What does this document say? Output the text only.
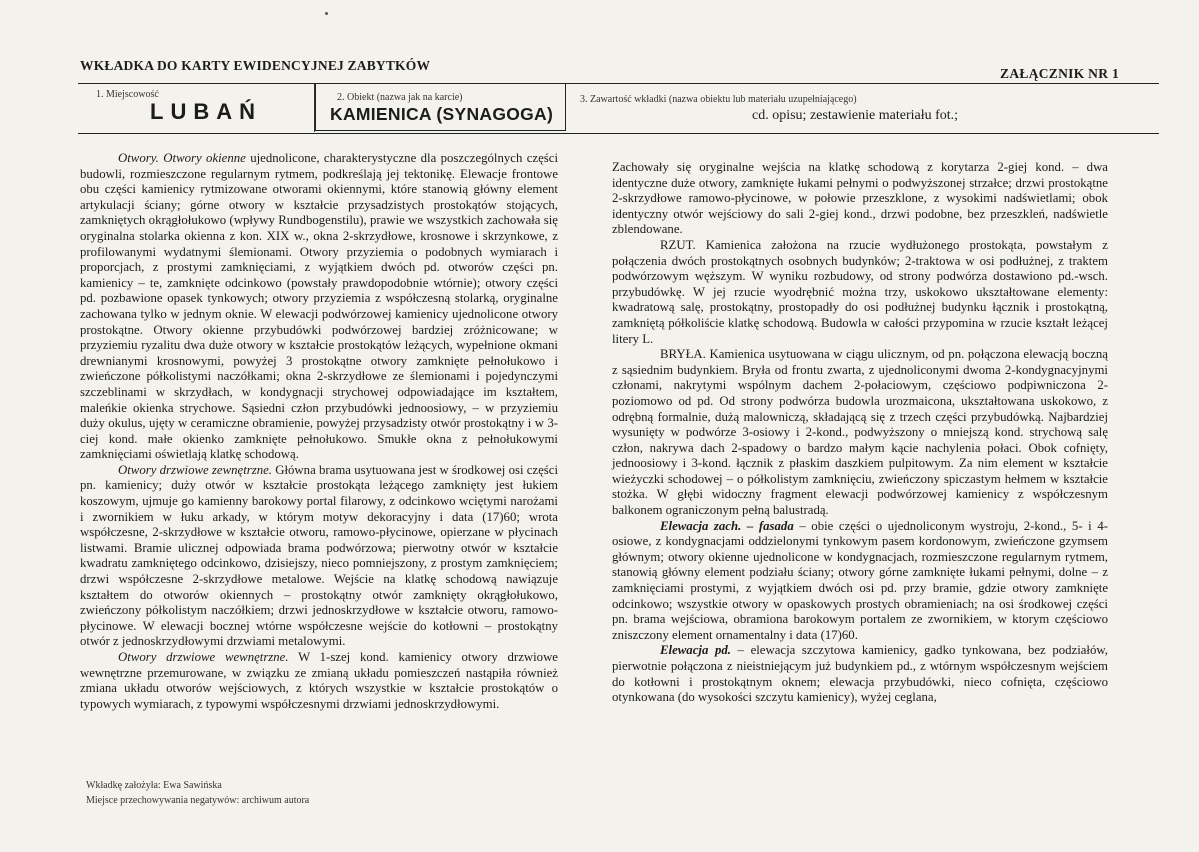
WKŁADKA DO KARTY EWIDENCYJNEJ ZABYTKÓW
ZAŁĄCZNIK NR 1
1. Miejscowość
LUBAŃ
2. Obiekt (nazwa jak na karcie)
KAMIENICA (SYNAGOGA)
3. Zawartość wkładki (nazwa obiektu lub materiału uzupełniającego)
cd. opisu; zestawienie materiału fot.;

Otwory. Otwory okienne ujednolicone, charakterystyczne dla poszczególnych części budowli, rozmieszczone regularnym rytmem, podkreślają jej tektonikę. Elewacje frontowe obu części kamienicy rytmizowane otworami okiennymi, które stanowią główny element artykulacji ściany; górne otwory w kształcie przysadzistych prostokątów stojących, zamkniętych okrągłołukowo (wpływy Rundbogenstilu), prawie we wszystkich zachowała się oryginalna stolarka okienna z kon. XIX w., okna 2-skrzydłowe, krosnowe i skrzynkowe, z profilowanymi wydatnymi ślemionami. Otwory przyziemia o podobnych wymiarach i proporcjach, z prostymi zamknięciami, z wyjątkiem dwóch pd. otworów części pn. kamienicy – te, zamknięte odcinkowo (powstały prawdopodobnie wtórnie); otwory części pd. pozbawione opasek tynkowych; otwory przyziemia z współczesną stolarką, oryginalne zachowana tylko w jednym oknie. W elewacji podwórzowej kamienicy ujednolicone otwory prostokątne. Otwory okienne przybudówki podwórzowej bardziej zróżnicowane; w przyziemiu ryzalitu dwa duże otwory w kształcie prostokątów leżących, wypełnione okmani drewnianymi krosnowymi, powyżej 3 prostokątne otwory zamknięte pełnołukowo i zwieńczone półkolistymi naczółkami; okna 2-skrzydłowe ze ślemionami i pojedynczymi szczeblinami w skrzydłach, w kondygnacji strychowej odpowiadające im kształtem, maleńkie okienka strychowe. Sąsiedni człon przybudówki jednoosiowy, – w przyziemiu duży okulus, ujęty w ceramiczne obramienie, powyżej przysadzisty otwór prostokątny i w 3-ciej kond. małe okienko zamknięte pełnołukowo. Smukłe okna z pełnołukowymi zamknięciami oświetlają klatkę schodową.

Otwory drzwiowe zewnętrzne. Główna brama usytuowana jest w środkowej osi części pn. kamienicy; duży otwór w kształcie prostokąta leżącego zamknięty jest łukiem koszowym, ujmuje go kamienny barokowy portal filarowy, z odcinkowo wciętymi narożami i zwornikiem w łuku arkady, w którym motyw dekoracyjny i data (17)60; wrota współczesne, 2-skrzydłowe w kształcie otworu, ramowo-płycinowe, opierzane w płycinach listwami. Bramie ulicznej odpowiada brama podwórzowa; pierwotny otwór w kształcie kwadratu zamkniętego odcinkowo, dzisiejszy, nieco pomniejszony, z prostym zamknięciem; drzwi współczesne 2-skrzydłowe metalowe. Wejście na klatkę schodową nawiązuje kształtem do otworów okiennych – prostokątny otwór zamknięty okrągłołukowo, zwieńczony półkolistym naczółkiem; drzwi jednoskrzydłowe w kształcie otworu, ramowo-płycinowe. W elewacji bocznej wtórne współczesne wejście do kotłowni – prostokątny otwór z jednoskrzydłowymi drzwiami metalowymi.

Otwory drzwiowe wewnętrzne. W 1-szej kond. kamienicy otwory drzwiowe wewnętrzne przemurowane, w związku ze zmianą układu pomieszczeń nastąpiła również zmiana układu otworów wejściowych, z których wszystkie w kształcie prostokątów o typowych wymiarach, z typowymi współczesnymi drzwiami jednoskrzydłowymi.

Zachowały się oryginalne wejścia na klatkę schodową z korytarza 2-giej kond. – dwa identyczne duże otwory, zamknięte łukami pełnymi o podwyższonej strzałce; drzwi prostokątne 2-skrzydłowe ramowo-płycinowe, w połowie przeszklone, z wysokimi nadświetlami; obok identyczny otwór wejściowy do sali 2-giej kond., drzwi podobne, bez przeszkleń, nadświetle zblendowane.

RZUT. Kamienica założona na rzucie wydłużonego prostokąta, powstałym z połączenia dwóch prostokątnych osobnych budynków; 2-traktowa w osi podłużnej, z traktem podwórzowym węższym. W wyniku rozbudowy, od strony podwórza dostawiono pd.-wsch. przybudówkę. W jej rzucie wyodrębnić można trzy, uskokowo ukształtowane elementy: kwadratową salę, prostokątny, prostopadły do osi podłużnej budynku łącznik i prostokątną, zamkniętą półkoliście klatkę schodową. Budowla w całości przypomina w rzucie kształt leżącej litery L.

BRYŁA. Kamienica usytuowana w ciągu ulicznym, od pn. połączona elewacją boczną z sąsiednim budynkiem. Bryła od frontu zwarta, z ujednoliconymi dwoma 2-kondygnacyjnymi członami, nakrytymi wspólnym dachem 2-połaciowym, częściowo podpiwniczona 2-poziomowo od pd. Od strony podwórza budowla urozmaicona, ukształtowana uskokowo, z odrębną formalnie, dużą malowniczą, składającą się z trzech części przybudówką. Najbardziej wysunięty w podwórze 3-osiowy i 2-kond., podwyższony o mniejszą kond. strychową salę człon, nakrywa dach 2-spadowy o bardzo małym kącie nachylenia połaci. Obok cofnięty, jednoosiowy i 3-kond. łącznik z płaskim daszkiem pulpitowym. Za nim element w kształcie wieżyczki schodowej – o półkolistym zamknięciu, zwieńczony spiczastym hełmem w kształcie stożka. W głębi widoczny fragment elewacji podwórzowej kamienicy z współczesnym balkonem ograniczonym pełną balustradą.

Elewacja zach. – fasada – obie części o ujednoliconym wystroju, 2-kond., 5- i 4-osiowe, z kondygnacjami oddzielonymi tynkowym pasem kordonowym, zwieńczone gzymsem głównym; otwory okienne ujednolicone w kondygnacjach, rozmieszczone regularnym rytmem, stanowią główny element podziału ściany; otwory górne zamknięte łukami pełnymi, dolne – z zamknięciami prostymi, z wyjątkiem dwóch osi pd. przy bramie, gdzie otwory zamknięte odcinkowo; wszystkie otwory w opaskowych prostych obramieniach; na osi środkowej części pn. brama wejściowa, obramiona barokowym portalem ze zwornikiem, w ktorym częściowo zniszczony element ornamentalny i data (17)60.

Elewacja pd. – elewacja szczytowa kamienicy, gadko tynkowana, bez podziałów, pierwotnie połączona z nieistniejącym już budynkiem pd., z wtórnym współczesnym wejściem do kotłowni i prostokątnym oknem; elewacja przybudówki, nieco cofnięta, częściowo otynkowana (do wysokości szczytu kamienicy), wyżej ceglana,

Wkładkę założyła: Ewa Sawińska
Miejsce przechowywania negatywów: archiwum autora
